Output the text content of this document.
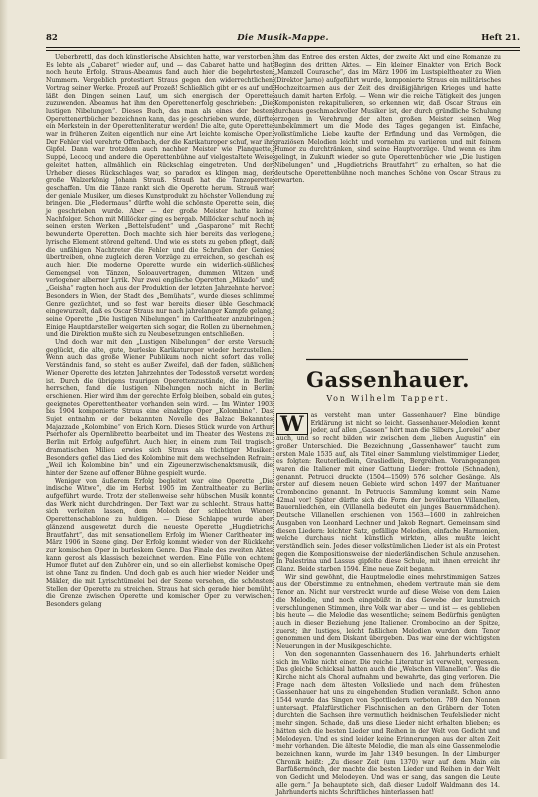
82	Die Musik-Mappe.	Heft 21.

Ueberbrettl, das doch künstlerische Absichten hatte, war verstorben. Es lebte als „Cabaret“ wieder auf, und — das Cabaret hatte und hat noch heute Erfolg. Straus-Abeamus fand auch hier die begehrtesten Nummern. Vergeblich protestiert Straus gegen den widerrechtlichen Vortrag seiner Werke. Prozeß auf Prozeß! Schließlich gibt er es auf und läßt den Dingen seinen Lauf, um sich energisch der Operette zuzuwenden. Abeamus hat ihm den Operettenerfolg geschrieben: „Die lustigen Nibelungen“. Dieses Buch, das man als eines der besten Operettenertbücher bezeichnen kann, das je geschrieben wurde, dürfte ein Merkstein in der Operettenliteratur werden! Die alte, gute Operette war in früheren Zeiten eigentlich nur eine Art leichte komische Oper. Der Fehler viel verehrte Offenbach, der die Karikaturoper schuf, war ihr Gipfel. Dann war trotzdem auch nachher Meister wie Planquette, Suppé, Lecocq und andere die Operettenbühne auf vielgestaltete Weise geleitet hatten, allmählich ein Rückschlag eingetreten. Und der Urheber dieses Rückschlages war, so paradox es klingen mag, der große Walzerkönig Johann Strauß. Strauß hat die Tanzoperette geschaffen. Um die Tänze rankt sich die Operette herum. Strauß war der geniale Musiker, um dieses Kunstprodukt zu höchster Vollendung zu bringen. Die „Fledermaus“ dürfte wohl die schönste Operette sein, die je geschrieben wurde. Aber — der große Meister hatte keine Nachfolger. Schon mit Millöcker ging es bergab. Millöcker schuf noch in seinen ersten Werken „Bettelstudent“ und „Gasparone“ mit Recht bewunderte Operetten. Doch machte sich hier bereits das verlogene, lyrische Element störend geltend. Und wie es stets zu geben pflegt, daß die unfähigen Nachtreter die Fehler und die Schrullen der Genies übertreiben, ohne zugleich deren Vorzüge zu erreichen, so geschah es auch hier. Die moderne Operette wurde ein widerlich-süßliches Gemengsel von Tänzen, Soloauvertragen, dummen Witzen und verlogener alberner Lyrik. Nur zwei englische Operetten „Mikado“ und „Geisha“ ragten hoch aus der Produktion der letzten Jahrzehnte hervor. Besonders in Wien, der Stadt des „Bemühats“, wurde dieses schlimme Genre gezüchtet, und so fest war bereits dieser üble Geschmack eingewurzelt, daß es Oscar Straus nur nach jahrelanger Kampfe gelang, seine Operette „Die lustigen Nibelungen“ im Carltheater anzubringen. Einige Hauptdarsteller weigerten sich sogar, die Rollen zu übernehmen, und die Direktion mußte sich zu Neubesetzungen entschließen.

Und doch war mit den „Lustigen Nibelungen“ der erste Versuch geglückt, die alte, gute, burleske Karikaturoper wieder herzustellen. Wenn auch das große Wiener Publikum noch nicht sofort das volle Verständnis fand, so steht es außer Zweifel, daß der faden, süßlichen Wiener Operette des letzten Jahrzehntes der Todesstoß versetzt worden ist. Durch die übrigens traurigen Operettenzustände, die in Berlin herrschen, fand die lustigen Nibelungen noch nicht in Berlin erschienen. Hier wird ihm der gerechte Erfolg bleiben, sobald ein gutes, geeignetes Operettentheater vorhanden sein wird. — Im Winter 1903 bis 1904 komponierte Straus eine einaktige Oper „Kolombine“. Das Sujet entnahm er der bekannten Novelle des Balzac Bekanntes Majazzade „Kolombine“ von Erich Korn. Dieses Stück wurde von Arthur Pserhofer als Opernlibretto bearbeitet und im Theater des Westens zu Berlin mit Erfolg aufgeführt. Auch hier, in einem zum Teil tragisch-dramatischen Milieu erwies sich Straus als tüchtiger Musiker. Besonders gefiel das Lied des Kolombine mit dem wechselnden Refrain: „Weil ich Kolombine bin“ und ein Zigeunerzwischenaktsmusik, die hinter der Szene auf offener Bühne gespielt wurde.

Weniger von äußerem Erfolg begleitet war eine Operette „Die indische Witwe“, die im Herbst 1905 im Zentraltheater zu Berlin aufgeführt wurde. Trotz der stellenweise sehr hübschen Musik konnte das Werk nicht durchdringen. Der Text war zu schlecht. Straus hatte sich verleiten lassen, dem Moloch der schlechten Wiener Operettenschablone zu huldigen. — Diese Schlappe wurde aber glänzend ausgewetzt durch die neueste Operette „Hugdietrichs Brautfahrt“, das mit sensationellem Erfolg im Wiener Carltheater im März 1906 in Szene ging. Der Erfolg kommt wieder von der Rückkehr zur komischen Oper in burleskem Genre. Das Finale des zweiten Aktes kann gerost als klassisch bezeichnet werden. Eine Fülle von echtem Humor flutet auf den Zuhörer ein, und so ein allerliebst komische Oper ist ohne Tanz zu finden. Und doch gab es auch hier wieder Neider und Mäkler, die mit Lyrischtümelei bei der Szene versehen, die schönsten Stellen der Operette zu streichen. Straus hat sich gerade hier bemüht, die Grenze zwischen Operette und komischer Oper zu verwischen. Besonders gelang

ihm das Entree des ersten Aktes, der zweite Akt und eine Romanze zu Beginn des dritten Aktes. — Ein kleiner Einakter von Erich Bock „Mamzell Courasche“, das im März 1906 im Lustspieltheater zu Wien (Direktor Jarno) aufgeführt wurde, komponierte Straus ein militärisches Hochzeitcarmen aus der Zeit des dreißigjährigen Krieges und hatte auch damit harten Erfolg. — Wenn wir die reiche Tätigkeit des jungen Komponisten rekapitulieren, so erkennen wir, daß Oscar Straus ein durchaus geschmackvoller Musiker ist, der durch gründliche Schulung erzogen in Verehrung der alten großen Meister seinen Weg unbekümmert um die Mode des Tages gegangen ist. Einfache, volkstümliche Liebe kaufte der Erfindung und das Vermögen, die graziösen Melodien leicht und vornehm zu variieren und mit feinem Humor zu durchtränken, sind seine Hauptvorzüge. Und wenn es ihm gelingt, in Zukunft wieder so gute Operettenbücher wie „Die lustigen Nibelungen“ und „Hugdietrichs Brautfahrt“ zu erhalten, so hat die deutsche Operettenbühne noch manches Schöne von Oscar Straus zu erwarten.

Gassenhauer.
Von Wilhelm Tappert.

W	as versteht man unter Gassenhauer? Eine bündige Erklärung ist nicht so leicht. Gassenhauer-Melodien kennt jeder, auf allen „Gassen“ hört man die Silbers „Lorelei“ aber auch, und so recht bilden wir zwischen dem „lieben Augustin“ ein großer Unterschied. Die Bezeichnung „Gassenhawer“ taucht zum ersten Male 1535 auf, als Titel einer Sammlung vielstimmiger Lieder, es folgten: Reuterliedlein, Grasliedlein, Bergreihen. Vorangegangen waren die Italiener mit einer Gattung Lieder: frottole (Schnaden), genannt. Petrucci druckte (1504—1509) 576 solcher Gesänge. Als erster auf diesem neuen Gebiete wird schon 1497 der Mantuaner Cromboncino genannt. In Petruccis Sammlung kommt sein Name 42mal vor! Später dürfte sich die Form der bevölkerten Villanellen, Bauernliedchen, ein (Villanella bedeutet ein junges Bauernmädchen). Deutsche Villanellen erschienen von 1563—1600 in zahlreichen Ausgaben von Leonhard Lechner und Jakob Regnart. Gemeinsam sind diesen Liedern: leichter Satz, gefällige Melodien, einfache Harmonien, welche durchaus nicht künstlich wirkten, alles mußte leicht verständlich sein. Jedes dieser volkstümlichen Lieder ist als ein Protest gegen die Kompositionsweise der niederländischen Schule anzusehen. In Palestrina und Lassus gipfelte diese Schule, mit ihnen erreicht ihr Glanz. Beide starben 1594. Eine neue Zeit begann.

Wir sind gewöhnt, die Hauptmelodie eines mehrstimmigen Satzes aus der Oberstimme zu entnehmen, ehedem vertraute man sie dem Tenor an. Nicht nur verstreckt wurde auf diese Weise von dem Laien die Melodie, und noch eingebüßt in das Gewebe der kunstreich verschlungenen Stimmen, ihre Volk war aber — und ist — es geblieben bis heute — die Melodie das wesentliche; seinem Bedürfnis genügten auch in dieser Beziehung jene Italiener. Crombocino an der Spitze, zuerst; ihr lustiges, leicht faßlichen Melodien wurden dem Tenor genommen und dem Diskant übergeben. Das war eine der wichtigsten Neuerungen in der Musikgeschichte.

Von den sogenannten Gassenhauern des 16. Jahrhunderts erhielt sich im Volke nicht einer. Die reiche Literatur ist verweht, vergessen. Das gleiche Schicksal hatten auch die „Welschen Villanellen“. Was die Kirche nicht als Choral aufnahm und bewahrte, das ging verloren. Die Frage nach dem ältesten Volksliede und nach dem frühesten Gassenhauer hat uns zu eingehenden Studien veranlaßt. Schon anno 1544 wurde das Singen von Spottliedern verboten. 789 den Nonnen untersagt. Pfalzfürstlicher Fischnischen an den Gräbern der Toten durchten die Sachsen ihre vermutlich heidnischen Teufelslieder nicht mehr singen. Schade, daß uns diese Lieder nicht erhalten blieben; es hätten sich die besten Lieder und Reihen in der Welt von Gedicht und Melodeyen. Und es sind leider keine Erinnerungen aus der alten Zeit mehr vorhanden. Die älteste Melodie, die man als eine Gassenmelodie bezeichnen kann, wurde im Jahr 1349 besungen. In der Limburger Chronik heißt: „Zu dieser Zeit (um 1370) war auf dem Main ein Barfüßermönch, der machte die besten Lieder und Reihen in der Welt von Gedicht und Melodeyen. Und was er sang, das sangen die Leute alle gern.“ Ja behauptete sich, daß dieser Ludolf Waldmann des 14. Jahrhunderts nichts Schriftliches hinterlassen hat!
